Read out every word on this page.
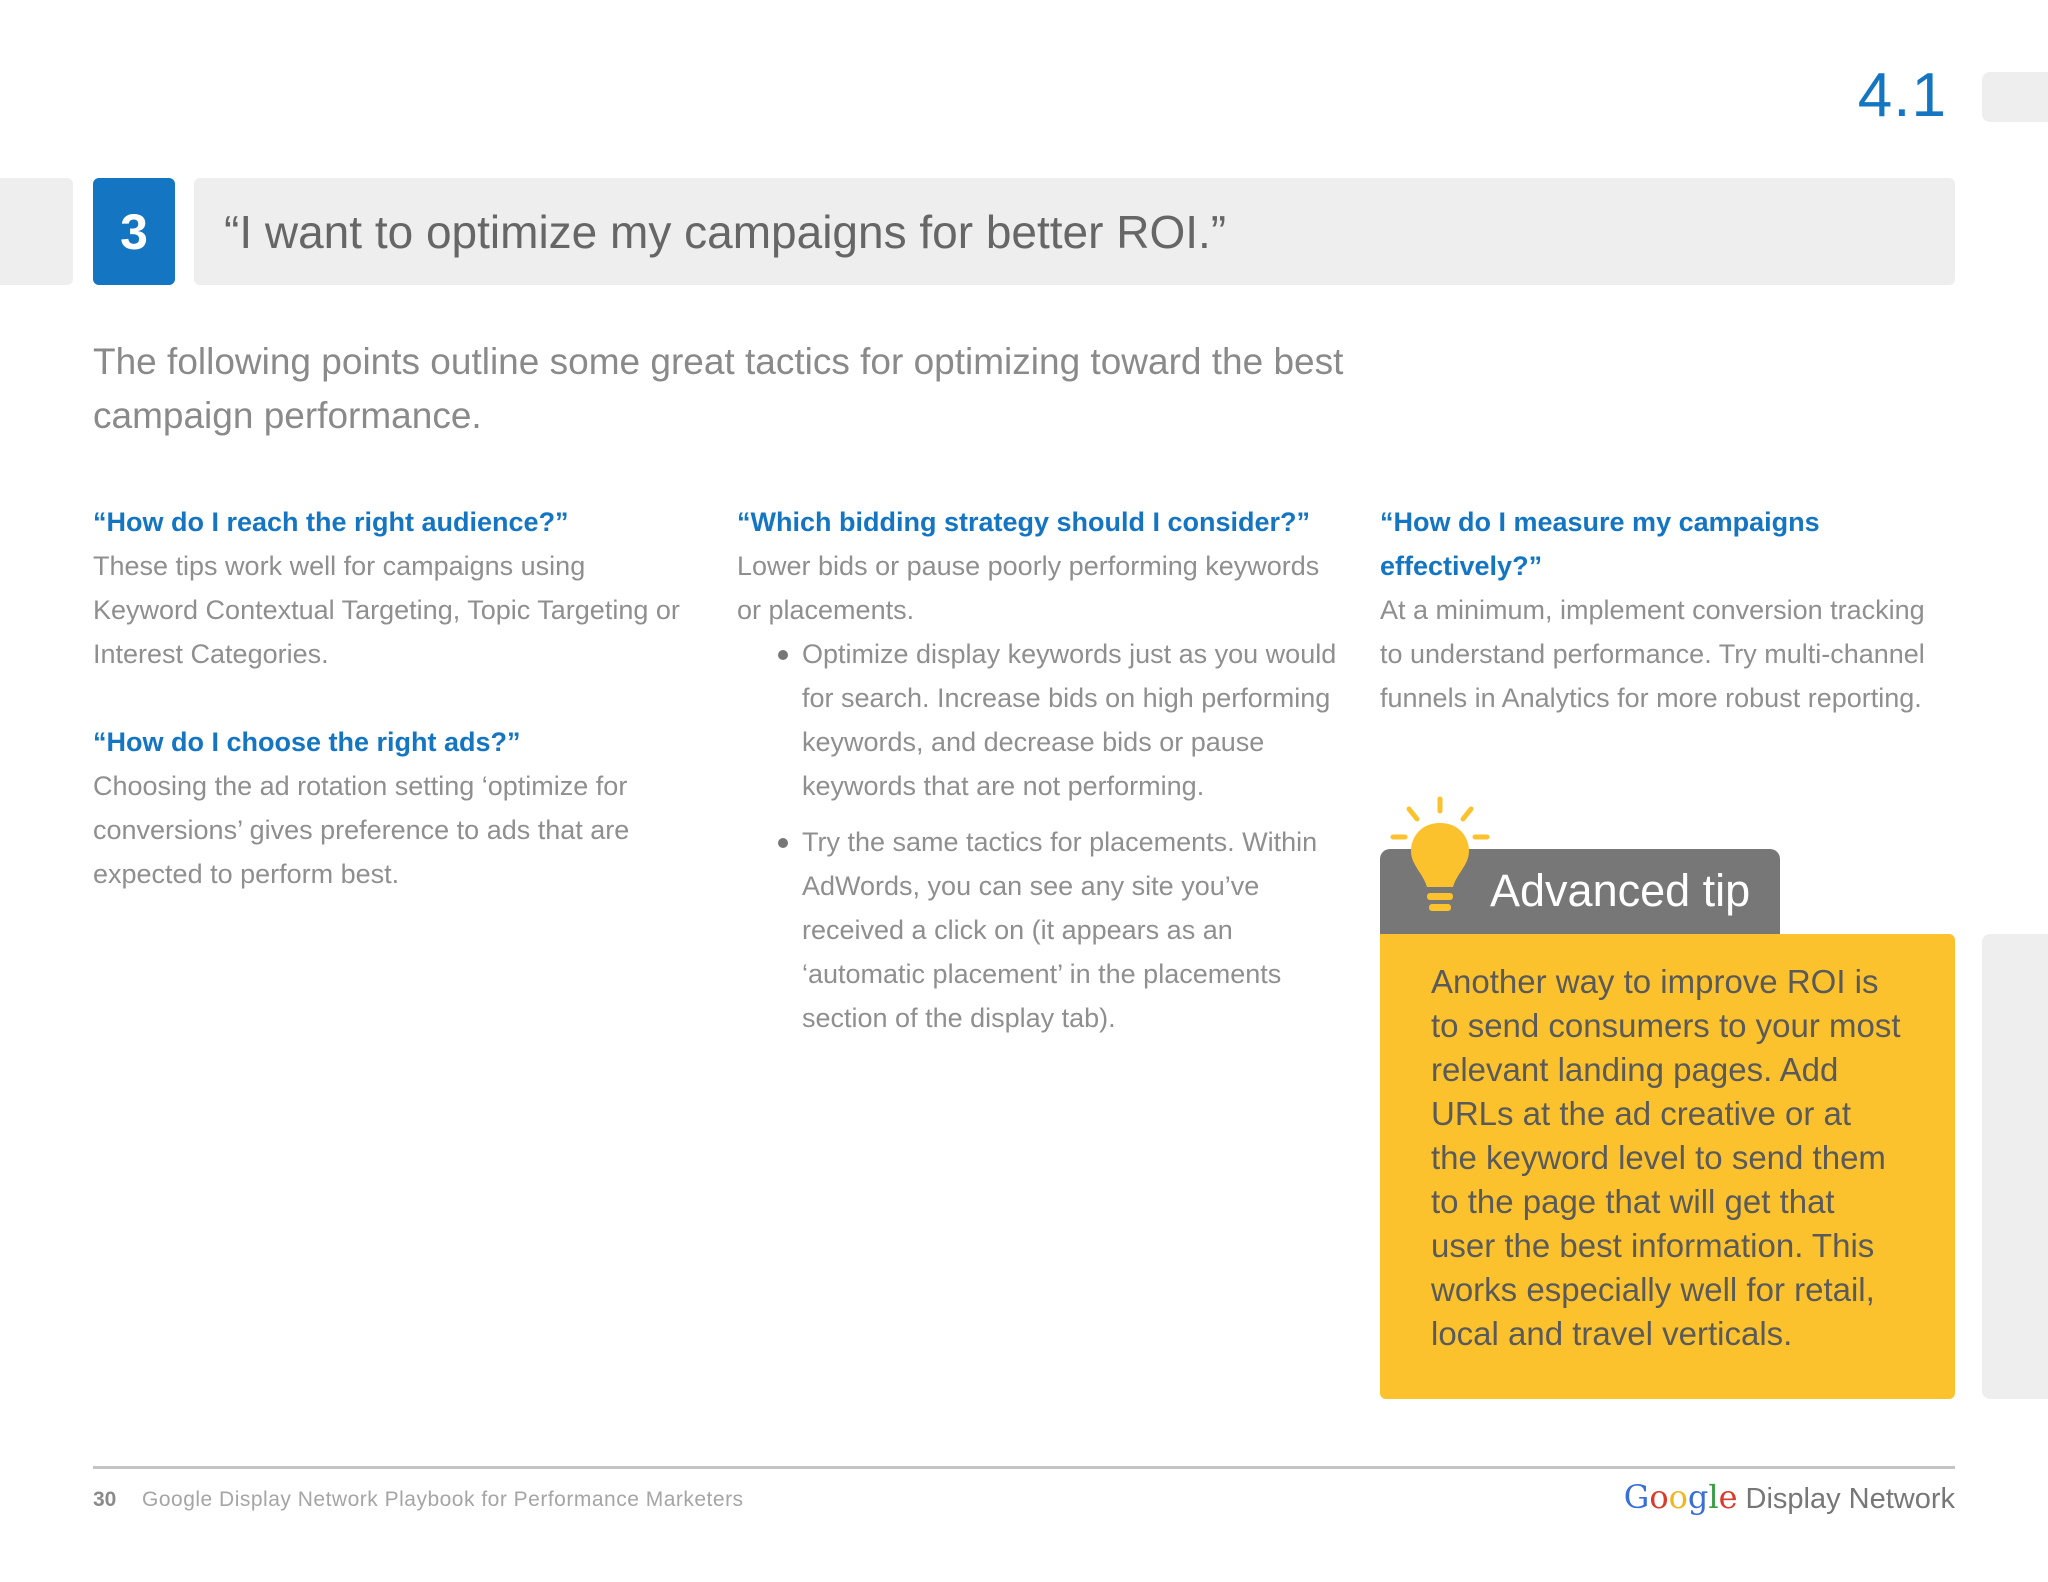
4.1
3 “I want to optimize my campaigns for better ROI.”
The following points outline some great tactics for optimizing toward the best campaign performance.

“How do I reach the right audience?”

These tips work well for campaigns using Keyword Contextual Targeting, Topic Targeting or Interest Categories.

“How do I choose the right ads?”

Choosing the ad rotation setting ‘optimize for conversions’ gives preference to ads that are expected to perform best.

“Which bidding strategy should I consider?”

Lower bids or pause poorly performing keywords or placements.

Optimize display keywords just as you would for search. Increase bids on high performing keywords, and decrease bids or pause keywords that are not performing.
Try the same tactics for placements. Within AdWords, you can see any site you’ve received a click on (it appears as an ‘automatic placement’ in the placements section of the display tab).

“How do I measure my campaigns effectively?”

At a minimum, implement conversion tracking to understand performance. Try multi-channel funnels in Analytics for more robust reporting.

Advanced tip

Another way to improve ROI is to send consumers to your most relevant landing pages. Add URLs at the ad creative or at the keyword level to send them to the page that will get that user the best information. This works especially well for retail, local and travel verticals.

30 Google Display Network Playbook for Performance Marketers	Google Display Network
